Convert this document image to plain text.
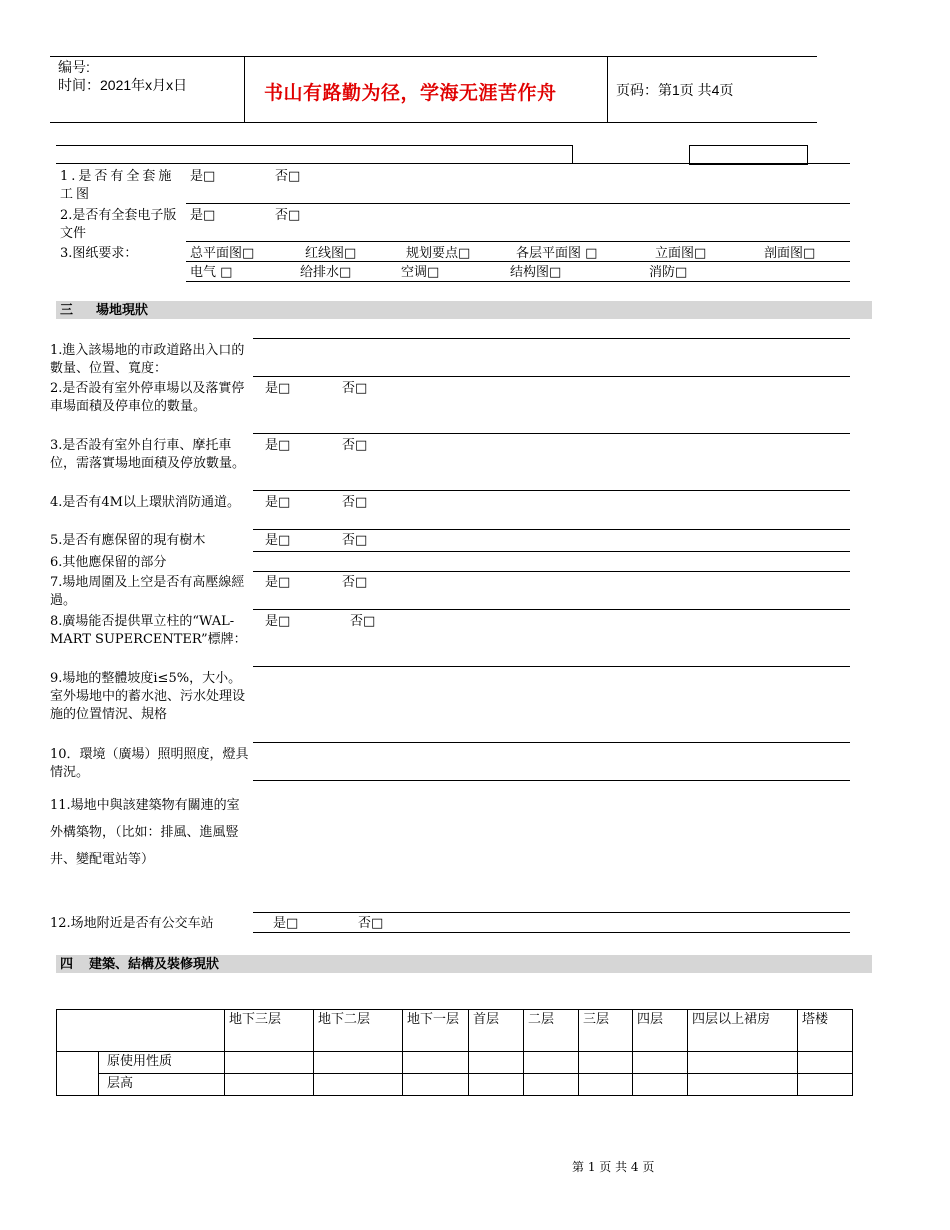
编号:
时间：2021年x月x日	书山有路勤为径，学海无涯苦作舟	页码：第1页 共4页
1.是否有全套施工图
是□	否□
2.是否有全套电子版文件
是□	否□
3.图纸要求：	总平面图□	红线图□	规划要点□	各层平面图 □	立面图□	剖面图□
电气 □	给排水□	空调□	结构图□	消防□
三 場地現狀
1.進入該場地的市政道路出入口的數量、位置、寬度：
2.是否設有室外停車場以及落實停車場面積及停車位的數量。
是□	否□
3.是否設有室外自行車、摩托車位，需落實場地面積及停放數量。
是□	否□
4.是否有4M以上環狀消防通道。	是□	否□
5.是否有應保留的現有樹木	是□	否□
6.其他應保留的部分
7.場地周圍及上空是否有高壓線經過。
是□	否□
8.廣場能否提供單立柱的“WAL-MART SUPERCENTER”標牌：
是□	否□
9.場地的整體坡度i≤5%，大小。室外場地中的蓄水池、污水处理设施的位置情況、規格
10．環境（廣場）照明照度，燈具情況。
11.場地中與該建築物有關連的室外構築物，（比如：排風、進風豎井、變配電站等）
12.场地附近是否有公交车站	是□	否□
四 建築、結構及裝修現狀
		地下三层	地下二层	地下一层	首层	二层	三层	四层	四层以上裙房	塔楼
	原使用性质									
	层高									
第 1 页 共 4 页
